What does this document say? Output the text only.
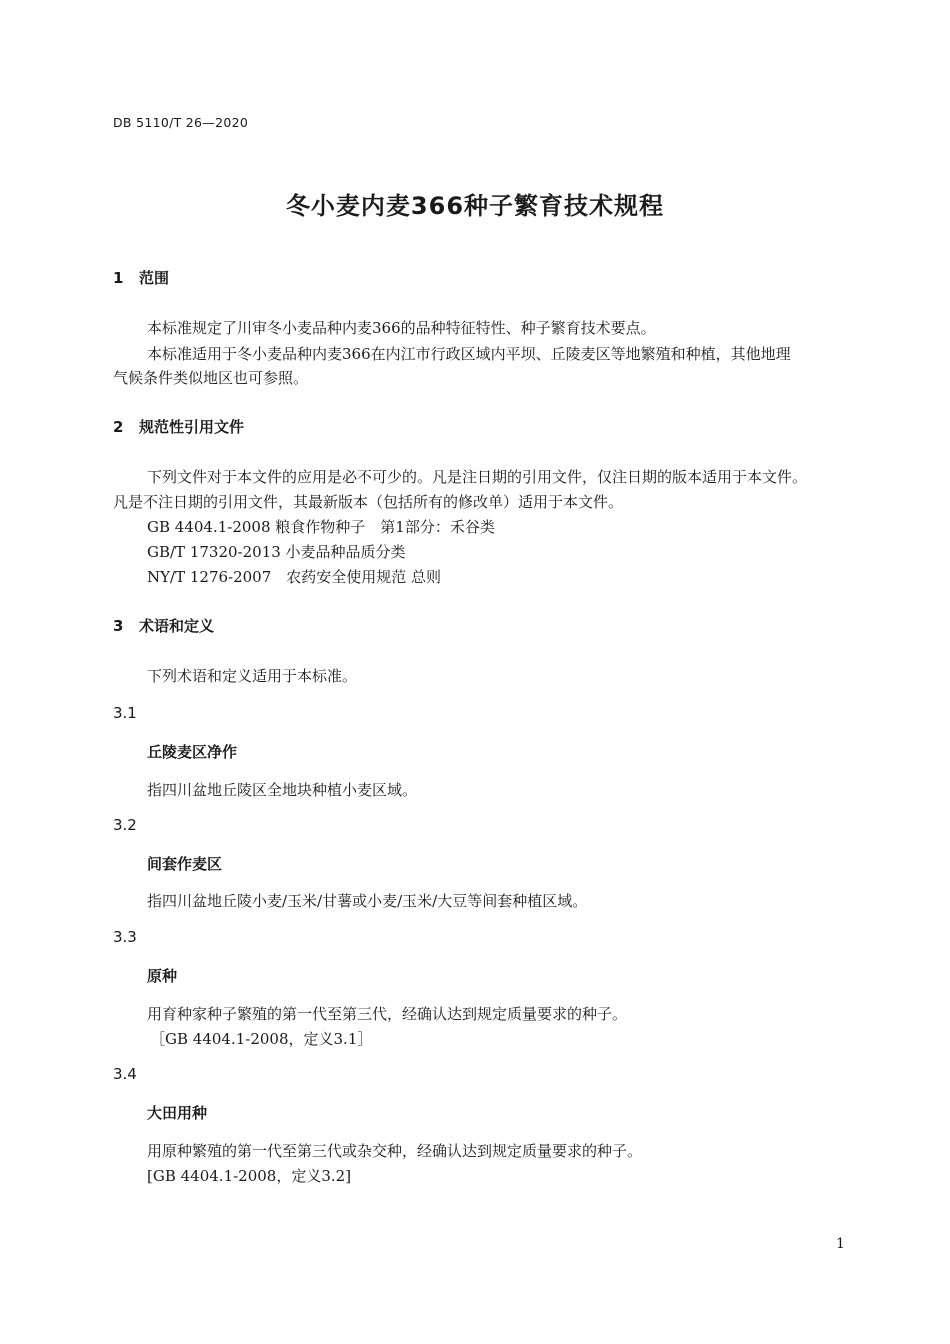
DB 5110/T 26—2020
冬小麦内麦366种子繁育技术规程
1 范围
本标准规定了川审冬小麦品种内麦366的品种特征特性、种子繁育技术要点。
本标准适用于冬小麦品种内麦366在内江市行政区域内平坝、丘陵麦区等地繁殖和种植，其他地理
气候条件类似地区也可参照。
2 规范性引用文件
下列文件对于本文件的应用是必不可少的。凡是注日期的引用文件，仅注日期的版本适用于本文件。
凡是不注日期的引用文件，其最新版本（包括所有的修改单）适用于本文件。
GB 4404.1-2008 粮食作物种子　第1部分：禾谷类
GB/T 17320-2013 小麦品种品质分类
NY/T 1276-2007　农药安全使用规范 总则
3 术语和定义
下列术语和定义适用于本标准。
3.1
丘陵麦区净作
指四川盆地丘陵区全地块种植小麦区域。
3.2
间套作麦区
指四川盆地丘陵小麦/玉米/甘薯或小麦/玉米/大豆等间套种植区域。
3.3
原种
用育种家种子繁殖的第一代至第三代，经确认达到规定质量要求的种子。
［GB 4404.1-2008，定义3.1］
3.4
大田用种
用原种繁殖的第一代至第三代或杂交种，经确认达到规定质量要求的种子。
[GB 4404.1-2008，定义3.2]
1
